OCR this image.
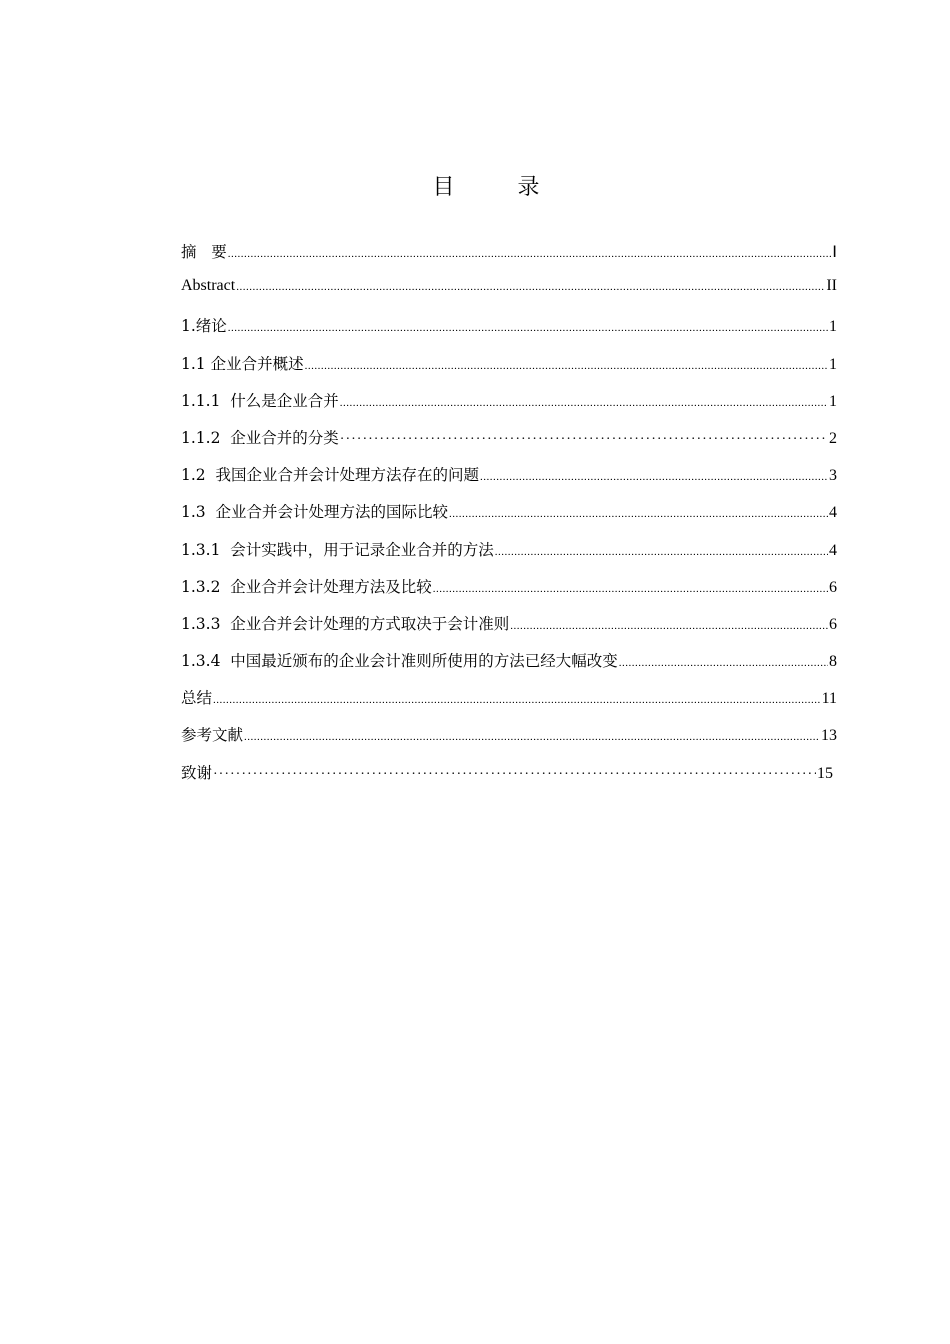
目 录
摘   要 .....	Ⅰ
Abstract .....	II
1.绪论 .....	1
1.1 企业合并概述 .....	1
1.1.1  什么是企业合并 .....	1
1.1.2  企业合并的分类 ·····	2
1.2  我国企业合并会计处理方法存在的问题 .....	3
1.3  企业合并会计处理方法的国际比较 .....	4
1.3.1  会计实践中，用于记录企业合并的方法 .....	4
1.3.2  企业合并会计处理方法及比较 .....	6
1.3.3  企业合并会计处理的方式取决于会计准则 .....	6
1.3.4  中国最近颁布的企业会计准则所使用的方法已经大幅改变 .....	8
总结 .....	11
参考文献 .....	13
致谢 ·····	15
